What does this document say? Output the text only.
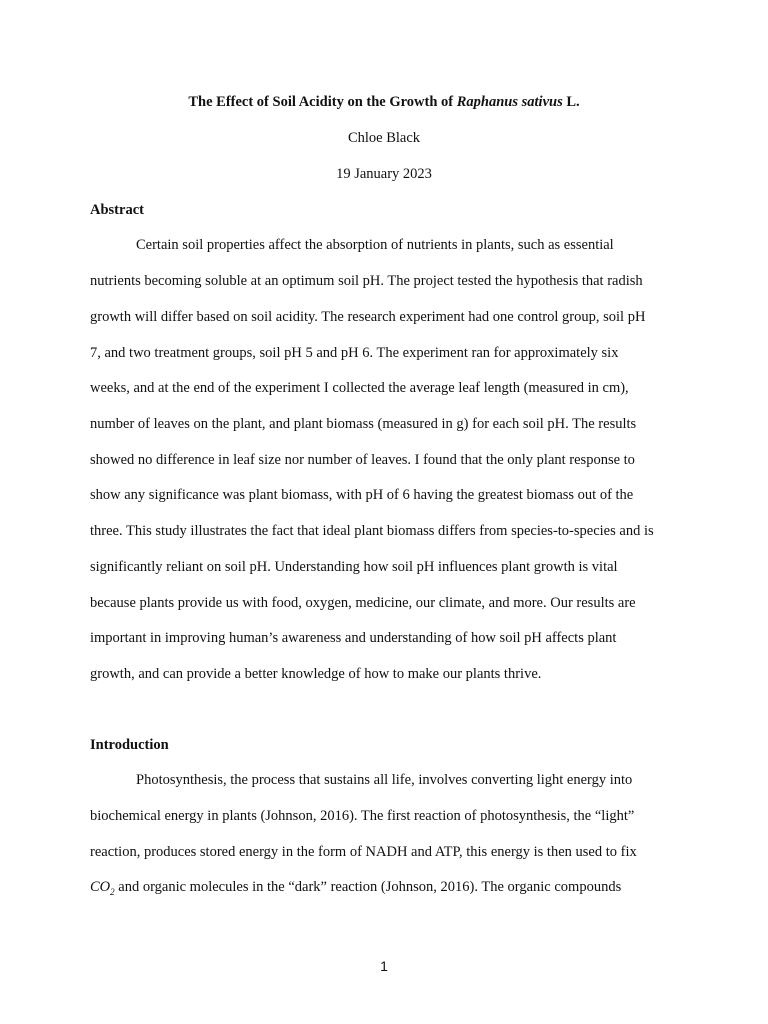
The Effect of Soil Acidity on the Growth of Raphanus sativus L.
Chloe Black
19 January 2023
Abstract
Certain soil properties affect the absorption of nutrients in plants, such as essential
nutrients becoming soluble at an optimum soil pH. The project tested the hypothesis that radish
growth will differ based on soil acidity. The research experiment had one control group, soil pH
7, and two treatment groups, soil pH 5 and pH 6. The experiment ran for approximately six
weeks, and at the end of the experiment I collected the average leaf length (measured in cm),
number of leaves on the plant, and plant biomass (measured in g) for each soil pH. The results
showed no difference in leaf size nor number of leaves. I found that the only plant response to
show any significance was plant biomass, with pH of 6 having the greatest biomass out of the
three. This study illustrates the fact that ideal plant biomass differs from species-to-species and is
significantly reliant on soil pH. Understanding how soil pH influences plant growth is vital
because plants provide us with food, oxygen, medicine, our climate, and more. Our results are
important in improving human’s awareness and understanding of how soil pH affects plant
growth, and can provide a better knowledge of how to make our plants thrive.
Introduction
Photosynthesis, the process that sustains all life, involves converting light energy into
biochemical energy in plants (Johnson, 2016). The first reaction of photosynthesis, the “light”
reaction, produces stored energy in the form of NADH and ATP, this energy is then used to fix
$CO_2$ and organic molecules in the “dark” reaction (Johnson, 2016). The organic compounds
1
